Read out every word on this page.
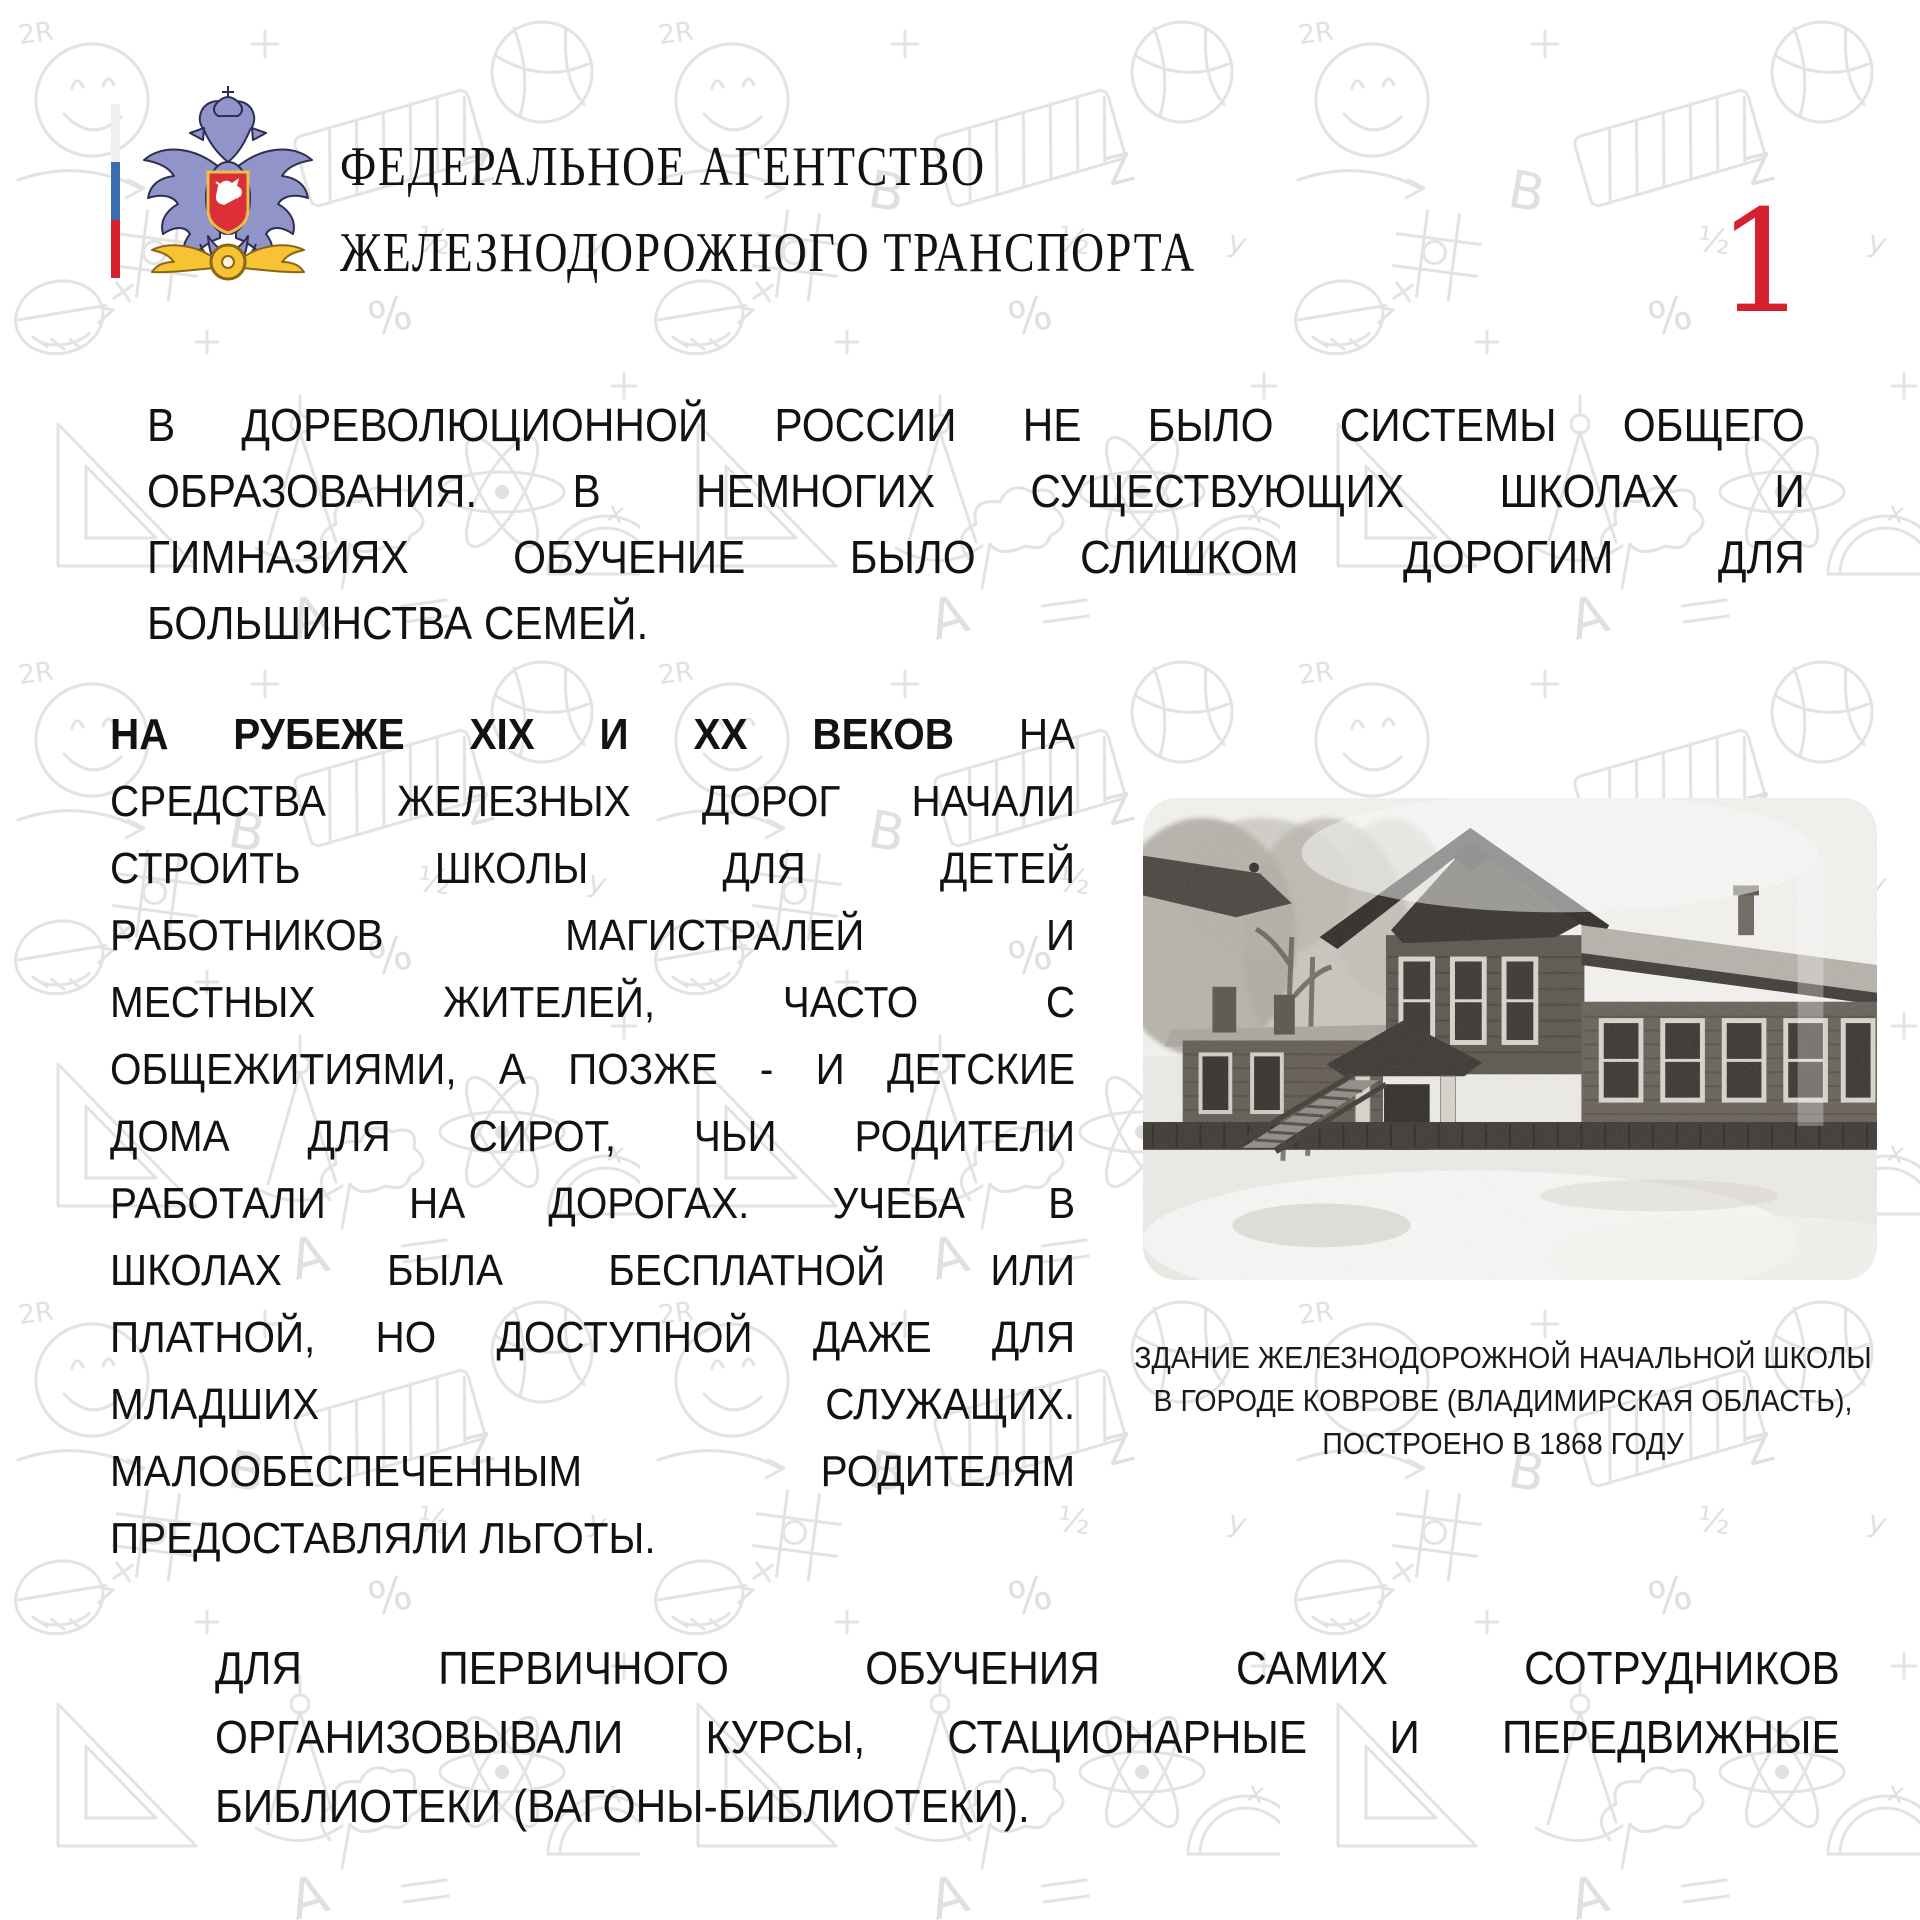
ФЕДЕРАЛЬНОЕ АГЕНТСТВО
ЖЕЛЕЗНОДОРОЖНОГО ТРАНСПОРТА	1
В ДОРЕВОЛЮЦИОННОЙ РОССИИ НЕ БЫЛО СИСТЕМЫ ОБЩЕГО
ОБРАЗОВАНИЯ. В НЕМНОГИХ СУЩЕСТВУЮЩИХ ШКОЛАХ И
ГИМНАЗИЯХ ОБУЧЕНИЕ БЫЛО СЛИШКОМ ДОРОГИМ ДЛЯ
БОЛЬШИНСТВА СЕМЕЙ.
НА РУБЕЖЕ XIX И XX ВЕКОВ НА
СРЕДСТВА ЖЕЛЕЗНЫХ ДОРОГ НАЧАЛИ
СТРОИТЬ ШКОЛЫ ДЛЯ ДЕТЕЙ
РАБОТНИКОВ МАГИСТРАЛЕЙ И
МЕСТНЫХ ЖИТЕЛЕЙ, ЧАСТО С
ОБЩЕЖИТИЯМИ, А ПОЗЖЕ - И ДЕТСКИЕ
ДОМА ДЛЯ СИРОТ, ЧЬИ РОДИТЕЛИ
РАБОТАЛИ НА ДОРОГАХ. УЧЕБА В
ШКОЛАХ БЫЛА БЕСПЛАТНОЙ ИЛИ
ПЛАТНОЙ, НО ДОСТУПНОЙ ДАЖЕ ДЛЯ
МЛАДШИХ СЛУЖАЩИХ.
МАЛООБЕСПЕЧЕННЫМ РОДИТЕЛЯМ
ПРЕДОСТАВЛЯЛИ ЛЬГОТЫ.
ЗДАНИЕ ЖЕЛЕЗНОДОРОЖНОЙ НАЧАЛЬНОЙ ШКОЛЫ
В ГОРОДЕ КОВРОВЕ (ВЛАДИМИРСКАЯ ОБЛАСТЬ),
ПОСТРОЕНО В 1868 ГОДУ
ДЛЯ ПЕРВИЧНОГО ОБУЧЕНИЯ САМИХ СОТРУДНИКОВ
ОРГАНИЗОВЫВАЛИ КУРСЫ, СТАЦИОНАРНЫЕ И ПЕРЕДВИЖНЫЕ
БИБЛИОТЕКИ (ВАГОНЫ-БИБЛИОТЕКИ).
